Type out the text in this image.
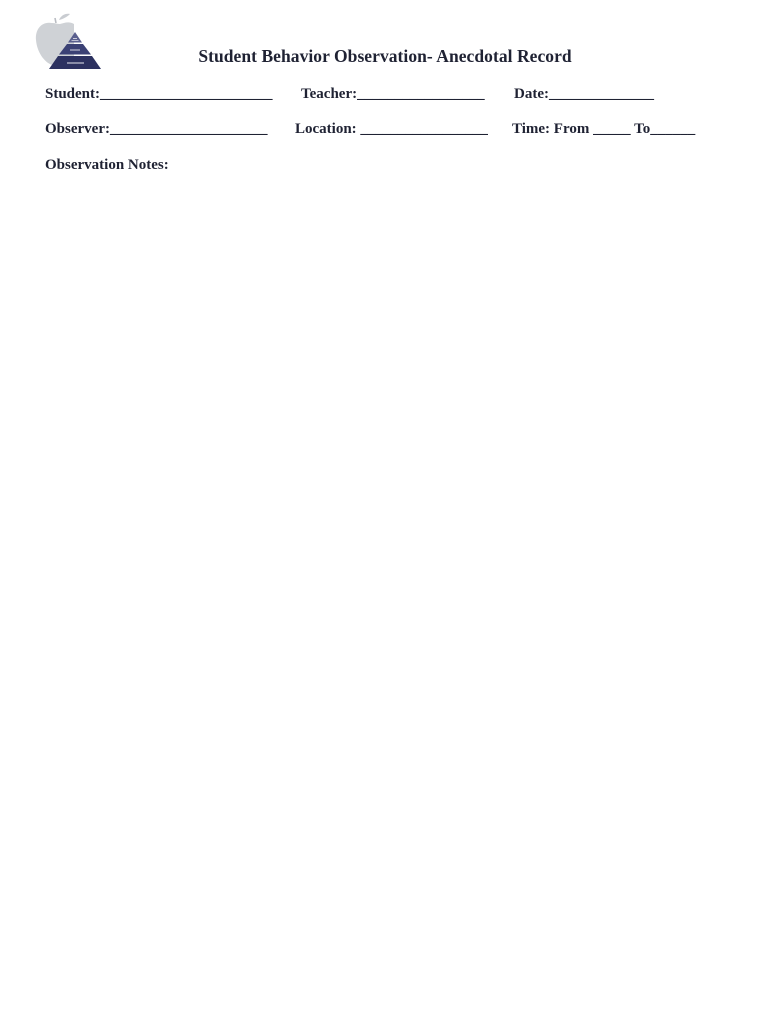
Student Behavior Observation- Anecdotal Record
Student:_______________________ Teacher:_________________ Date:______________
Observer:_____________________ Location: _________________ Time: From _____ To______
Observation Notes:
